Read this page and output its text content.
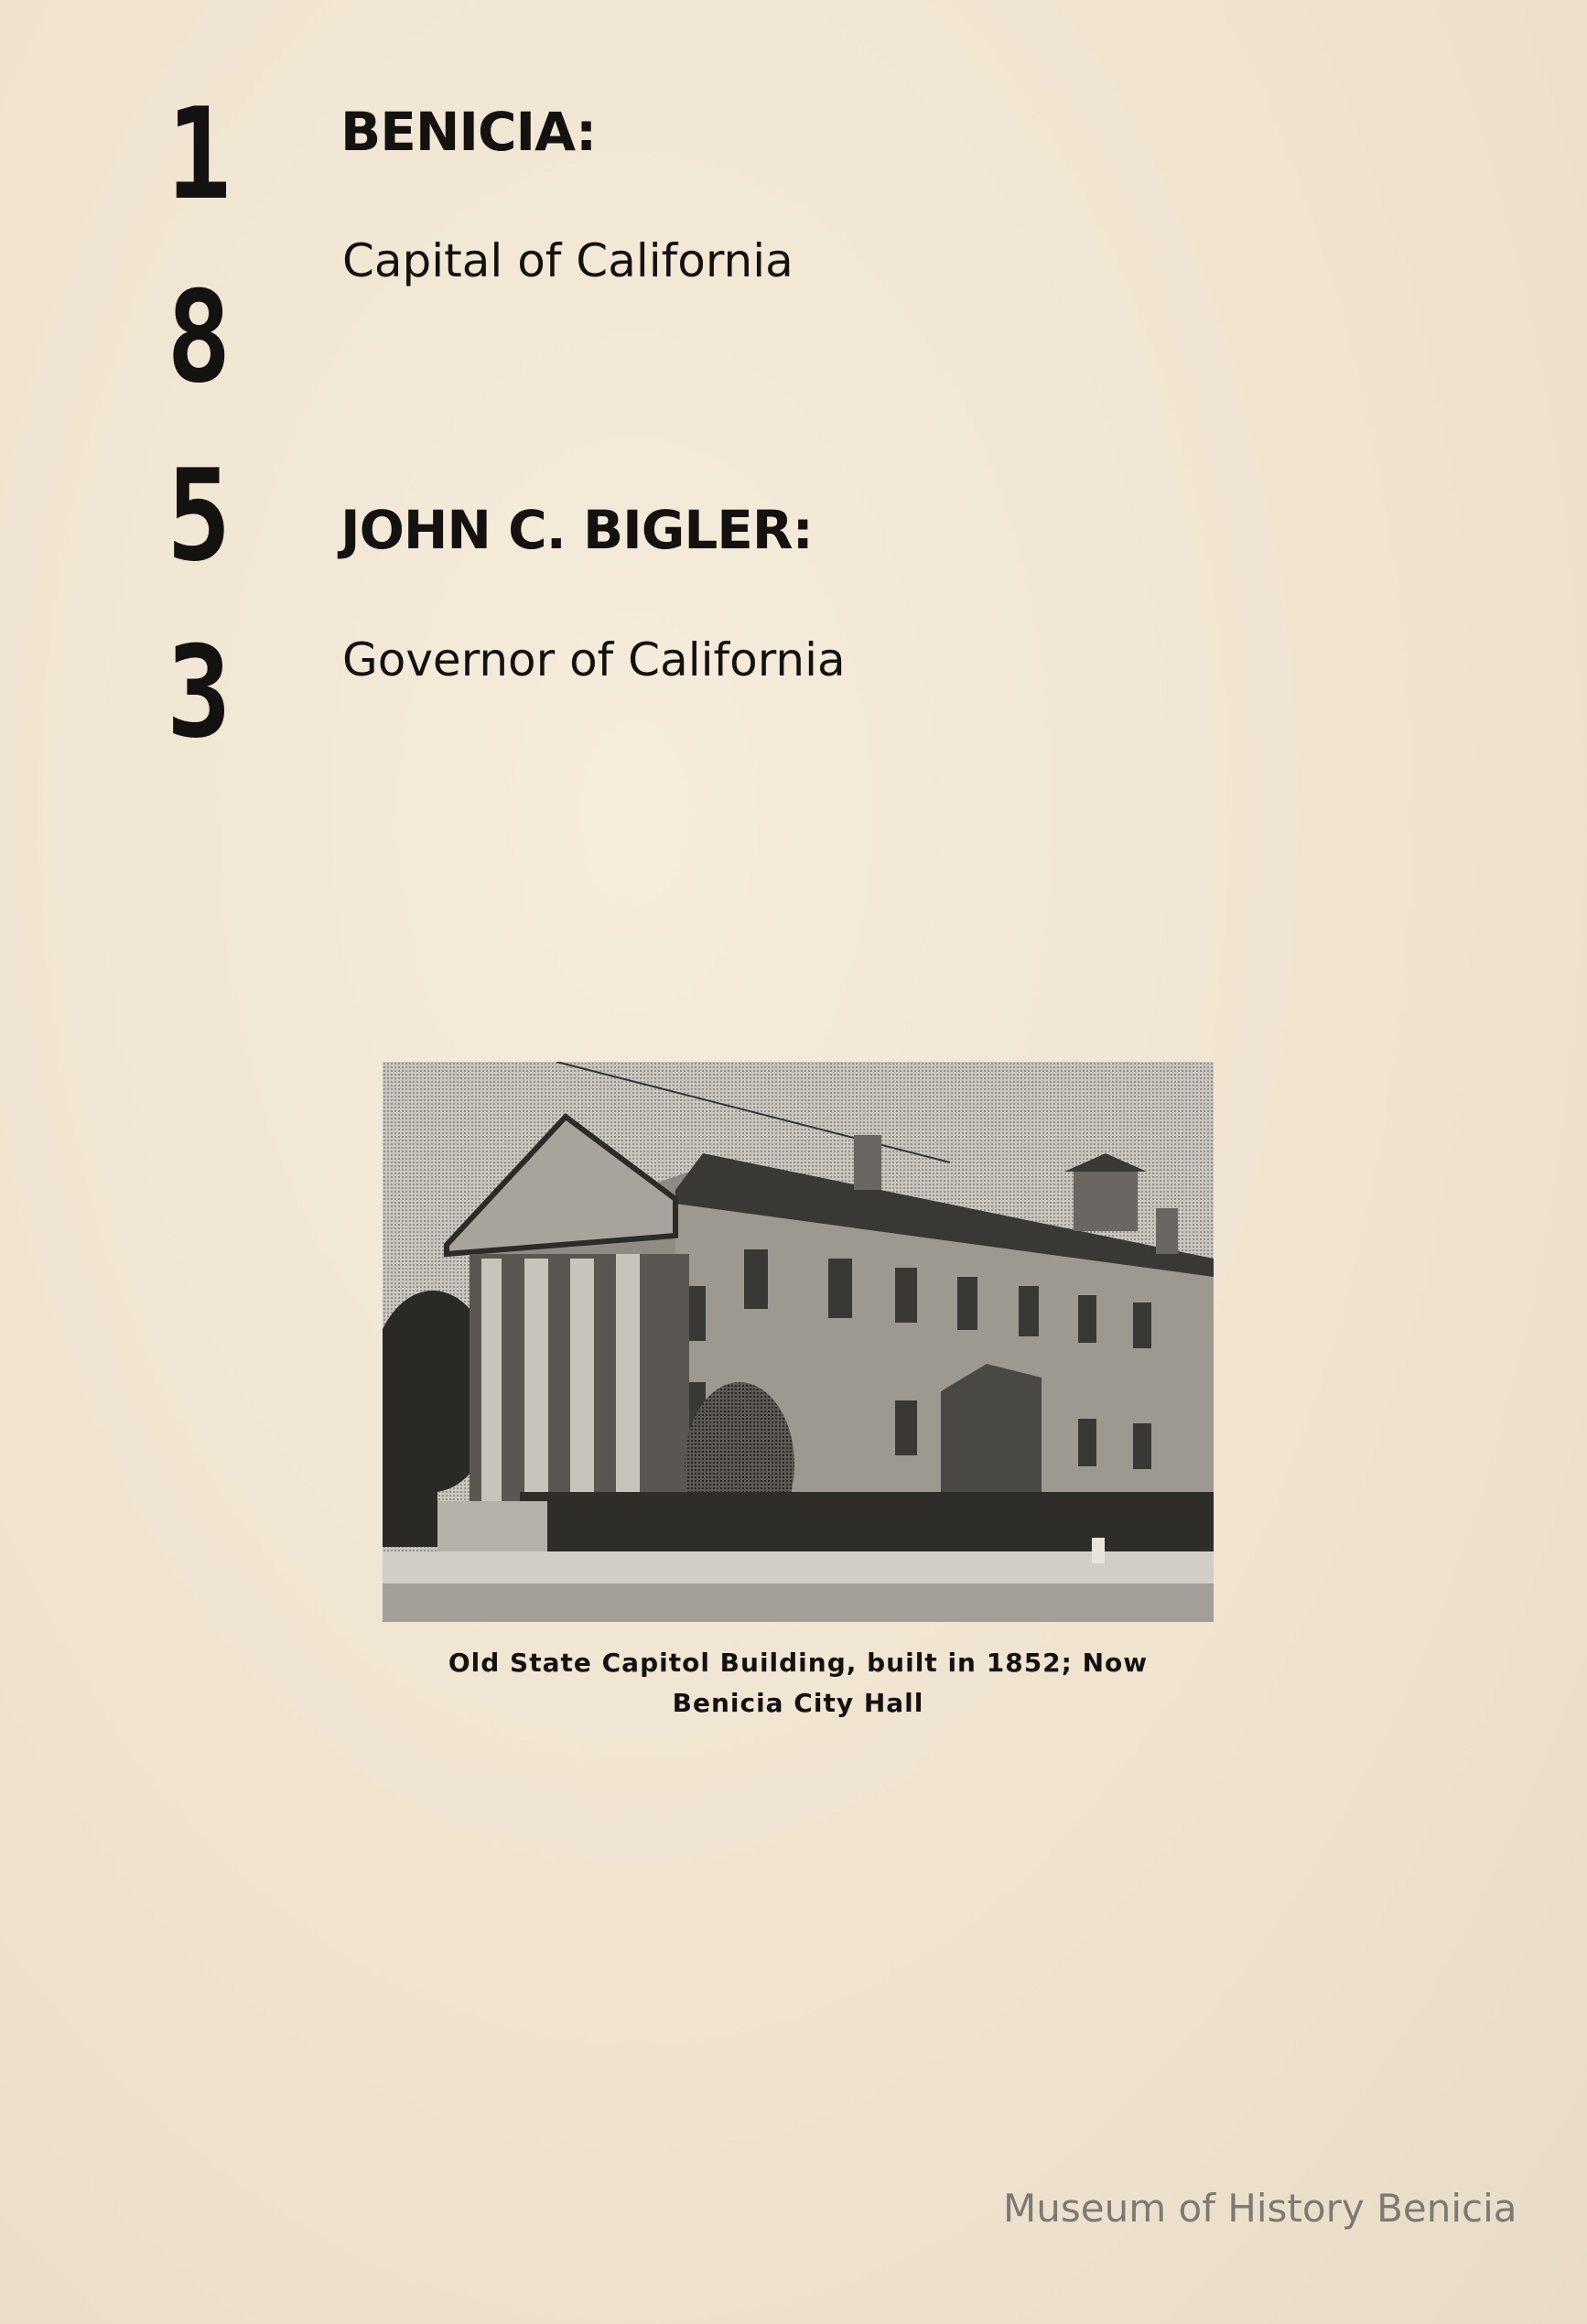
1
8
5
3
BENICIA:
Capital of California
JOHN C. BIGLER:
Governor of California
Old State Capitol Building, built in 1852; Now
Benicia City Hall
Museum of History Benicia
